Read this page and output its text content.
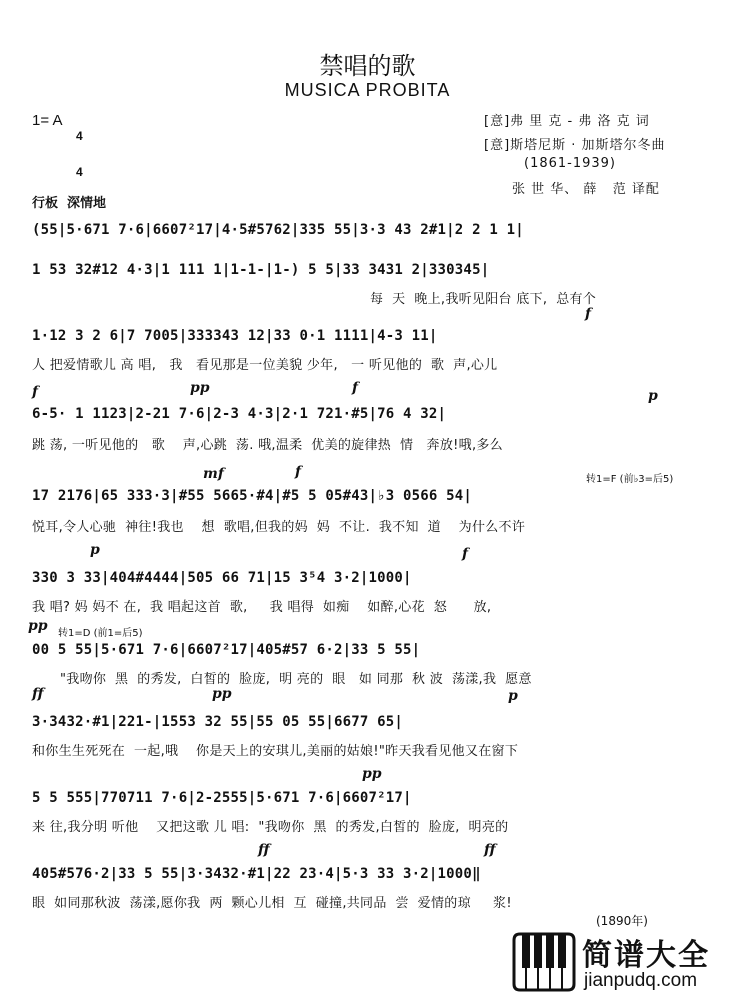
禁唱的歌
MUSICA PROBITA
1= A

4

4

[意]弗 里 克 - 弗 洛 克 词
[意]斯塔尼斯 · 加斯塔尔冬曲
(1861-1939)
张 世 华、 薛   范 译配
行板  深情地
(55|5·671 7·6|6607²17|4·5#5762|335 55|3·3 43 2#1|2 2 1 1|
1 53 32#12 4·3|1 111 1|1-1-|1-) 5 5|33 3431 2|330345|
每  天  晚上,我听见阳台 底下,  总有个
f
1·12 3 2 6|7 7005|333343 12|33 0·1 1111|4-3 11|
人 把爱情歌儿 高 唱,   我   看见那是一位美貌 少年,   一 听见他的  歌  声,心儿
f	pp	f	p
6-5· 1 1123|2-21 7·6|2-3 4·3|2·1 721·#5|76 4 32|
跳 荡, 一听见他的   歌    声,心跳  荡. 哦,温柔  优美的旋律热  情   奔放!哦,多么
mf	f	转1=F (前♭3=后5)
17 2176|65 333·3|#55 5665·#4|#5 5 05#43|♭3 0566 54|
悦耳,令人心驰  神往!我也    想  歌唱,但我的妈  妈  不让.  我不知  道    为什么不许
p	f
330 3 33|404#4444|505 66 71|15 3⁵4 3·2|1000|
我 唱? 妈 妈不 在,  我 唱起这首  歌,     我 唱得  如痴    如醉,心花  怒      放,
pp 转1=D (前1=后5)
00 5 55|5·671 7·6|6607²17|405#57 6·2|33 5 55|
"我吻你  黑  的秀发,  白皙的  脸庞,  明 亮的  眼   如 同那  秋 波  荡漾,我  愿意
ff	pp	p
3·3432·#1|221-|1553 32 55|55 05 55|6677 65|
和你生生死死在  一起,哦    你是天上的安琪儿,美丽的姑娘!"昨天我看见他又在窗下
pp
5 5 555|770711 7·6|2-2555|5·671 7·6|6607²17|
来 往,我分明 听他    又把这歌 儿 唱:  "我吻你  黑  的秀发,白皙的  脸庞,  明亮的
ff	ff
405#576·2|33 5 55|3·3432·#1|22 23·4|5·3 33 3·2|1000‖
眼  如同那秋波  荡漾,愿你我  两  颗心儿相  互  碰撞,共同品  尝  爱情的琼     浆!
(1890年)

简谱大全

jianpudq.com
